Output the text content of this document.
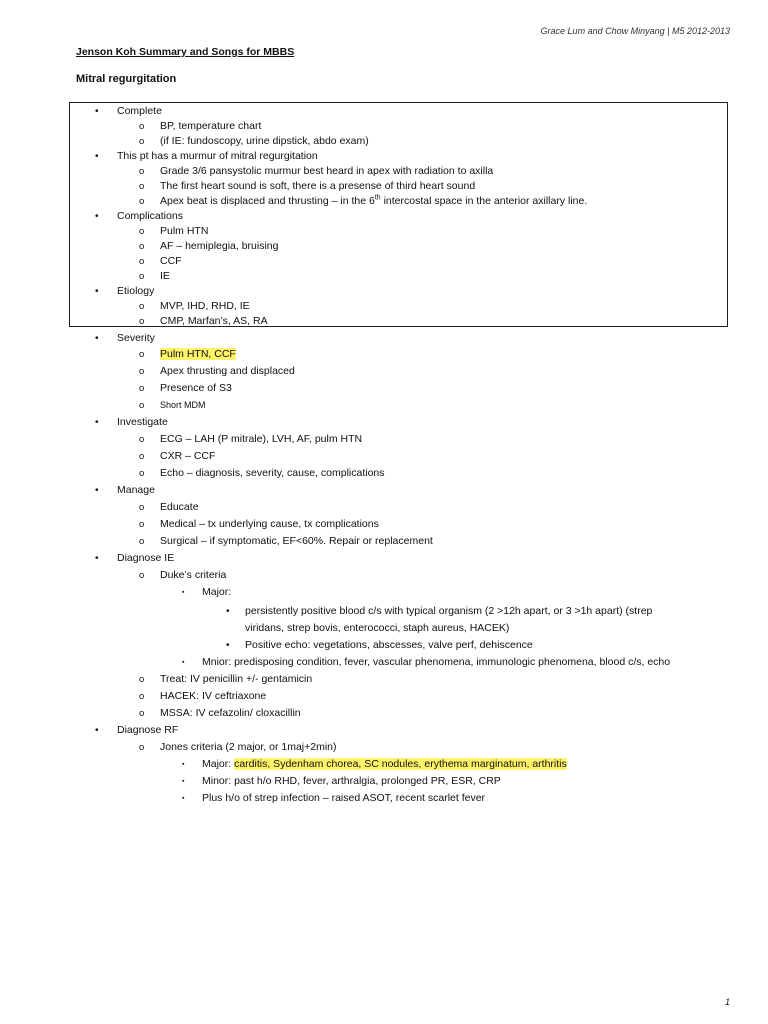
Grace Lum and Chow Minyang | M5 2012-2013
Jenson Koh Summary and Songs for MBBS
Mitral regurgitation
• Complete
o BP, temperature chart
o (if IE: fundoscopy, urine dipstick, abdo exam)
• This pt has a murmur of mitral regurgitation
o Grade 3/6 pansystolic murmur best heard in apex with radiation to axilla
o The first heart sound is soft, there is a presense of third heart sound
o Apex beat is displaced and thrusting – in the 6th intercostal space in the anterior axillary line.
• Complications
o Pulm HTN
o AF – hemiplegia, bruising
o CCF
o IE
• Etiology
o MVP, IHD, RHD, IE
o CMP, Marfan’s, AS, RA
• Severity
o Pulm HTN, CCF
o Apex thrusting and displaced
o Presence of S3
o Short MDM
• Investigate
o ECG – LAH (P mitrale), LVH, AF, pulm HTN
o CXR – CCF
o Echo – diagnosis, severity, cause, complications
• Manage
o Educate
o Medical – tx underlying cause, tx complications
o Surgical – if symptomatic, EF<60%. Repair or replacement
• Diagnose IE
o Duke’s criteria
▪ Major:
• persistently positive blood c/s with typical organism (2 >12h apart, or 3 >1h apart) (strep
viridans, strep bovis, enterococci, staph aureus, HACEK)
• Positive echo: vegetations, abscesses, valve perf, dehiscence
▪ Mnior: predisposing condition, fever, vascular phenomena, immunologic phenomena, blood c/s, echo
o Treat: IV penicillin +/- gentamicin
o HACEK: IV ceftriaxone
o MSSA: IV cefazolin/ cloxacillin
• Diagnose RF
o Jones criteria (2 major, or 1maj+2min)
▪ Major: carditis, Sydenham chorea, SC nodules, erythema marginatum, arthritis
▪ Minor: past h/o RHD, fever, arthralgia, prolonged PR, ESR, CRP
▪ Plus h/o of strep infection – raised ASOT, recent scarlet fever
1
